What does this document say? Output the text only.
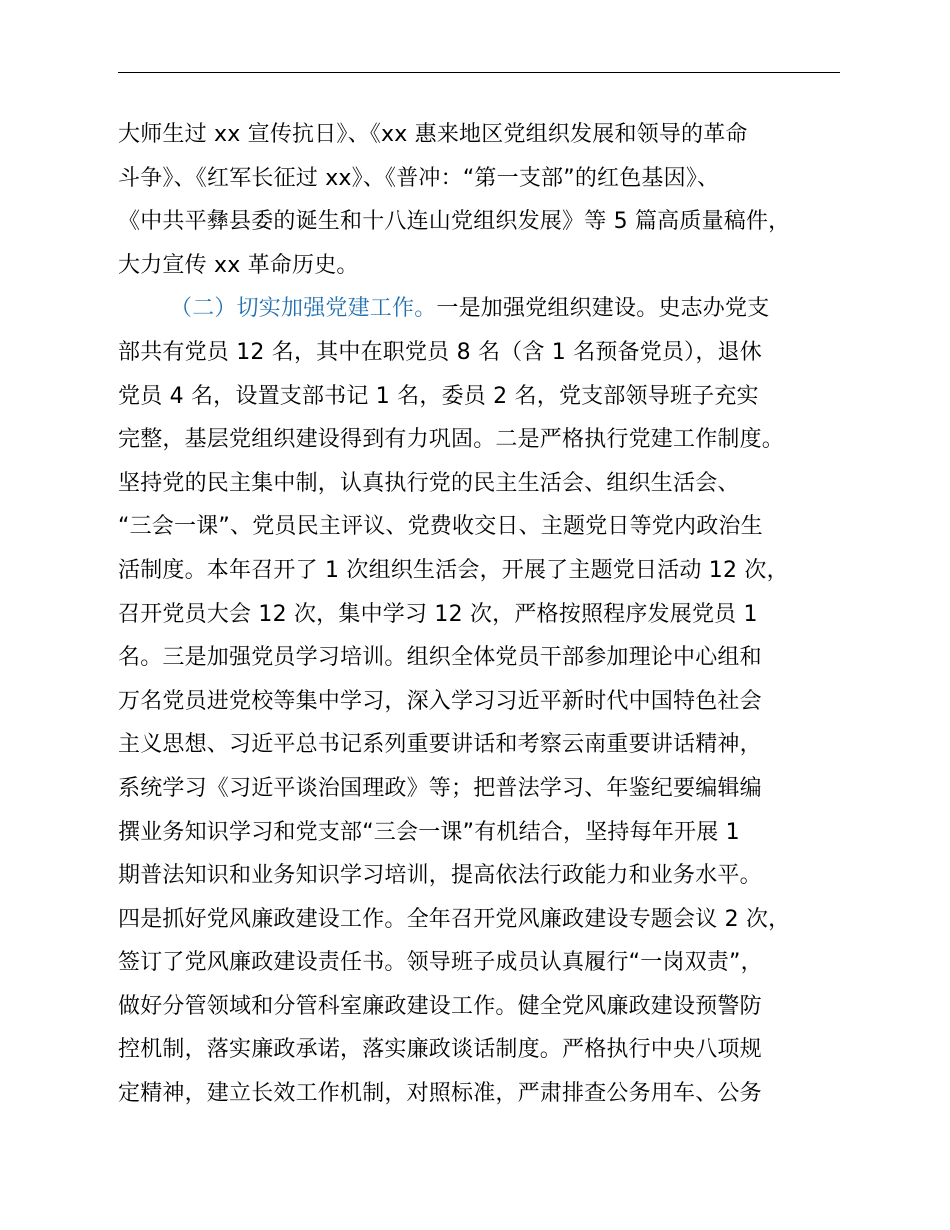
大师生过 xx 宣传抗日》、《xx 惠来地区党组织发展和领导的革命
斗争》、《红军长征过 xx》、《普冲：“第一支部”的红色基因》、
《中共平彝县委的诞生和十八连山党组织发展》等 5 篇高质量稿件，
大力宣传 xx 革命历史。
（二）切实加强党建工作。一是加强党组织建设。史志办党支
部共有党员 12 名，其中在职党员 8 名（含 1 名预备党员），退休
党员 4 名，设置支部书记 1 名，委员 2 名，党支部领导班子充实
完整，基层党组织建设得到有力巩固。二是严格执行党建工作制度。
坚持党的民主集中制，认真执行党的民主生活会、组织生活会、
“三会一课”、党员民主评议、党费收交日、主题党日等党内政治生
活制度。本年召开了 1 次组织生活会，开展了主题党日活动 12 次，
召开党员大会 12 次，集中学习 12 次，严格按照程序发展党员 1
名。三是加强党员学习培训。组织全体党员干部参加理论中心组和
万名党员进党校等集中学习，深入学习习近平新时代中国特色社会
主义思想、习近平总书记系列重要讲话和考察云南重要讲话精神，
系统学习《习近平谈治国理政》等；把普法学习、年鉴纪要编辑编
撰业务知识学习和党支部“三会一课”有机结合，坚持每年开展 1
期普法知识和业务知识学习培训，提高依法行政能力和业务水平。
四是抓好党风廉政建设工作。全年召开党风廉政建设专题会议 2 次，
签订了党风廉政建设责任书。领导班子成员认真履行“一岗双责”，
做好分管领域和分管科室廉政建设工作。健全党风廉政建设预警防
控机制，落实廉政承诺，落实廉政谈话制度。严格执行中央八项规
定精神，建立长效工作机制，对照标准，严肃排查公务用车、公务
